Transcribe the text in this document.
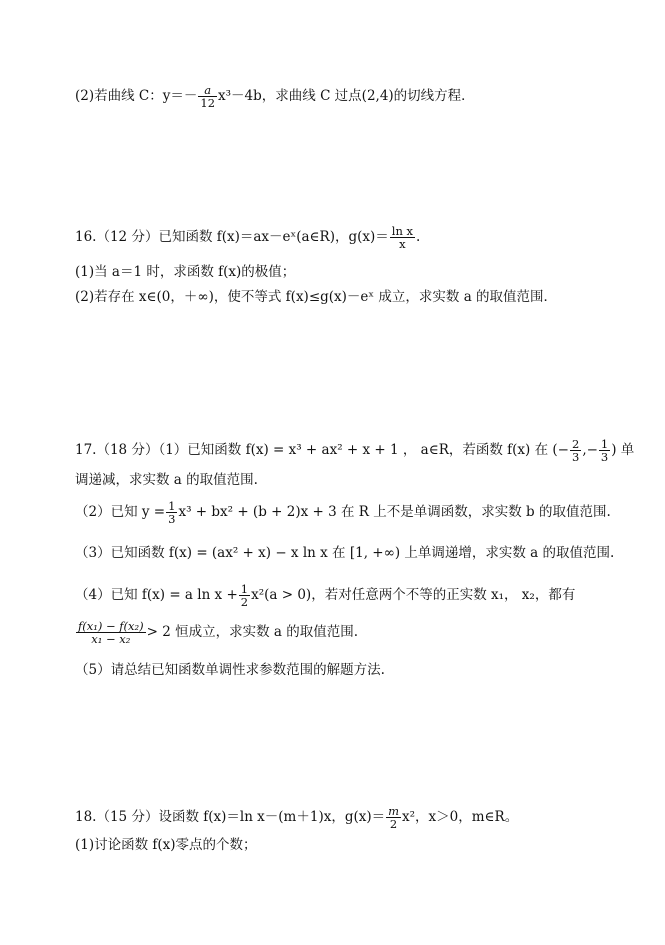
(2)若曲线 C：$y=- \frac{a}{12} x^3-4b$，求曲线 C 过点(2,4)的切线方程．
16.（12 分）已知函数 f(x)＝ax－eˣ(a∈R)，$g(x)= \frac{\text{ln x}}{x}$ .
(1)当 a＝1 时，求函数 f(x)的极值；
(2)若存在 x∈(0，＋∞)，使不等式 f(x)≤g(x)－eˣ 成立，求实数 a 的取值范围．
17.（18 分）（1）已知函数 f(x) = x³ + ax² + x + 1 ， a∈R，若函数 f(x) 在 (− $\frac{2}{3}$ ,− $\frac{1}{3}$ ) 单
调递减，求实数 a 的取值范围.
（2）已知 $y = \frac{1}{3} x^3 + bx^2 + (b + 2)x + 3$ 在 R 上不是单调函数，求实数 b 的取值范围.
（3）已知函数 f(x) = (ax² + x) − x ln x 在 [1, +∞) 上单调递增，求实数 a 的取值范围.
（4）已知 f(x) = a $\ln x + \frac{1}{2} x^2(a > 0)$，若对任意两个不等的正实数 x₁， x₂，都有
$\frac{\text{f(x₁) − f(x₂)}}{\text{x₁ − x₂}} > 2$ 恒成立，求实数 a 的取值范围.
（5）请总结已知函数单调性求参数范围的解题方法.
18.（15 分）设函数 f(x)＝ln x－(m＋1)x，$g(x)= \frac{m}{2} x^2$，x＞0，m∈R。
(1)讨论函数 f(x)零点的个数；
